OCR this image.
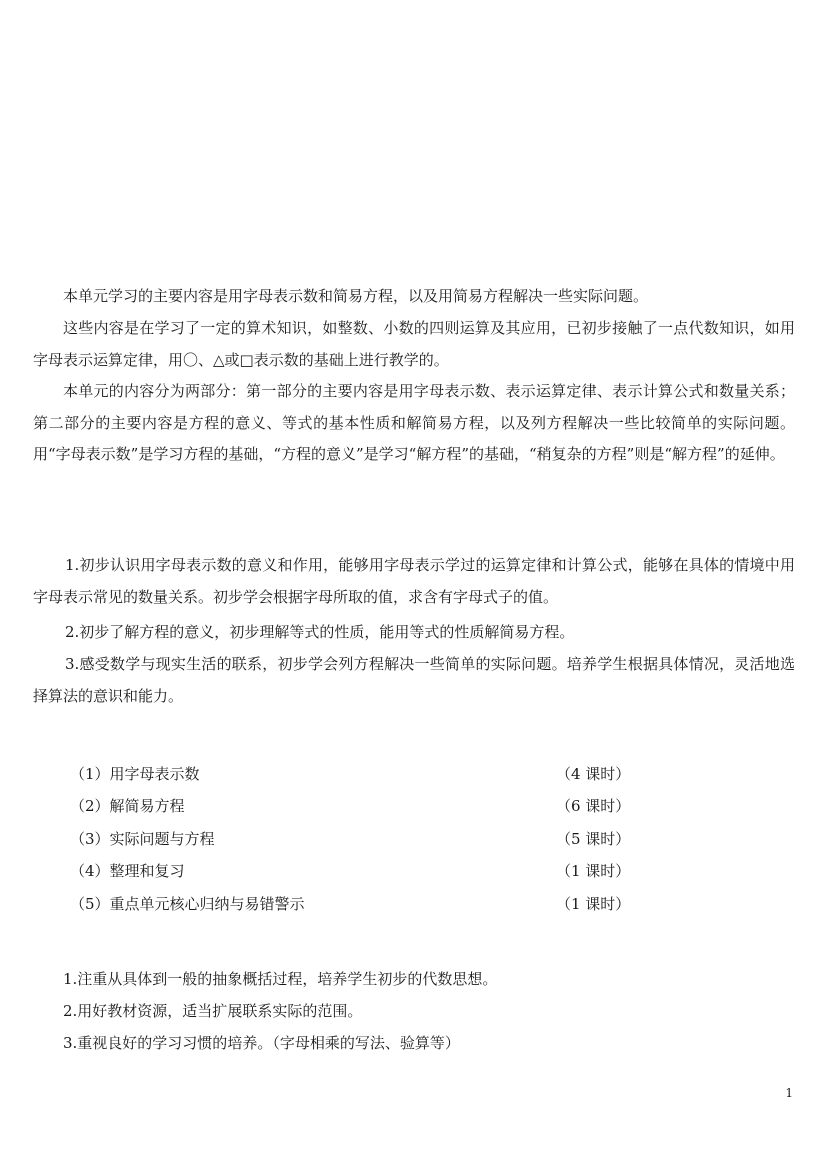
本单元学习的主要内容是用字母表示数和简易方程，以及用简易方程解决一些实际问题。

这些内容是在学习了一定的算术知识，如整数、小数的四则运算及其应用，已初步接触了一点代数知识，如用字母表示运算定律，用〇、△或□表示数的基础上进行教学的。

本单元的内容分为两部分：第一部分的主要内容是用字母表示数、表示运算定律、表示计算公式和数量关系；第二部分的主要内容是方程的意义、等式的基本性质和解简易方程，以及列方程解决一些比较简单的实际问题。用“字母表示数”是学习方程的基础，“方程的意义”是学习“解方程”的基础，“稍复杂的方程”则是“解方程”的延伸。

1.初步认识用字母表示数的意义和作用，能够用字母表示学过的运算定律和计算公式，能够在具体的情境中用字母表示常见的数量关系。初步学会根据字母所取的值，求含有字母式子的值。

2.初步了解方程的意义，初步理解等式的性质，能用等式的性质解简易方程。

3.感受数学与现实生活的联系，初步学会列方程解决一些简单的实际问题。培养学生根据具体情况，灵活地选择算法的意识和能力。

（1）用字母表示数	（4 课时）
（2）解简易方程	（6 课时）
（3）实际问题与方程	（5 课时）
（4）整理和复习	（1 课时）
（5）重点单元核心归纳与易错警示	（1 课时）

1.注重从具体到一般的抽象概括过程，培养学生初步的代数思想。

2.用好教材资源，适当扩展联系实际的范围。

3.重视良好的学习习惯的培养。（字母相乘的写法、验算等）

1
